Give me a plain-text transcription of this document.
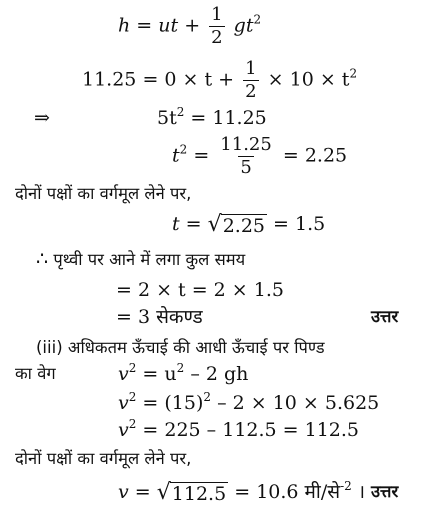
h = ut + $\frac{1}{2} gt^2$
$11.25 = 0 \times t + \frac{1}{2} \times 10 \times t^2$
⇒	$5t^2 = 11.25$
$t^2 = \frac{11.25}{5} = 2.25$
दोनों पक्षों का वर्गमूल लेने पर,
t = √ 2.25 = 1.5
∴ पृथ्वी पर आने में लगा कुल समय
= 2 × t = 2 × 1.5
= 3 सेकण्ड	उत्तर
(iii) अधिकतम ऊँचाई की आधी ऊँचाई पर पिण्ड
का वेग	$v^2 = u^2 - 2$ gh
$v^2 = (15)^2 - 2 \times 10 \times 5.625$
$v^2 = 225 - 112.5 = 112.5$
दोनों पक्षों का वर्गमूल लेने पर,
v = √ 112.5 = 10.6 मी/से$^{-2}$ । उत्तर
